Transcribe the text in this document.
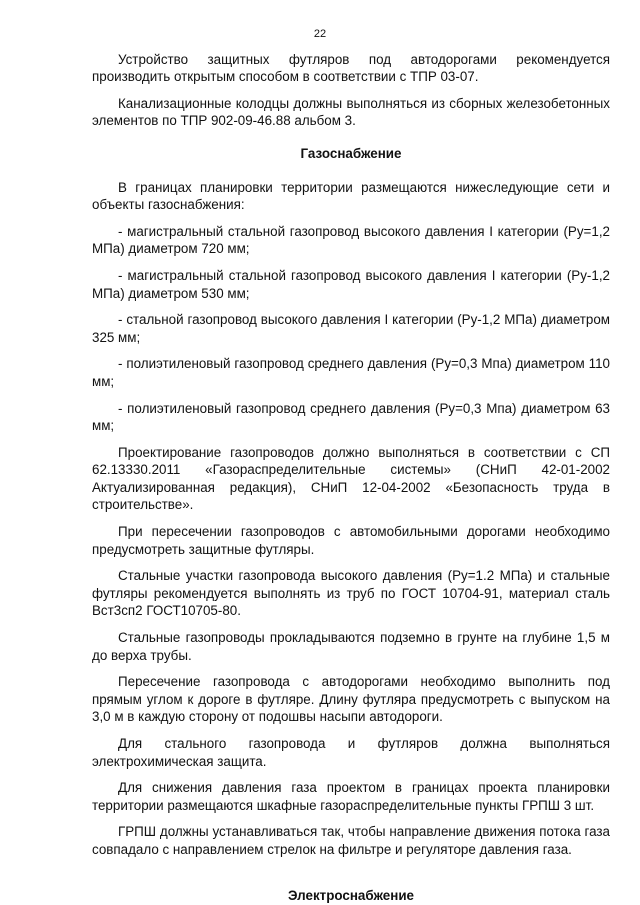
22

Устройство защитных футляров под автодорогами рекомендуется производить открытым способом в соответствии с ТПР 03-07.

Канализационные колодцы должны выполняться из сборных железобетонных элементов по ТПР 902-09-46.88 альбом 3.

Газоснабжение

В границах планировки территории размещаются нижеследующие сети и объекты газоснабжения:

- магистральный стальной газопровод высокого давления I категории (Ру=1,2 МПа) диаметром 720 мм;

- магистральный стальной газопровод высокого давления I категории (Ру-1,2 МПа) диаметром 530 мм;

- стальной газопровод высокого давления I категории (Ру-1,2 МПа) диаметром 325 мм;

- полиэтиленовый газопровод среднего давления (Ру=0,3 Мпа) диаметром 110 мм;

- полиэтиленовый газопровод среднего давления (Ру=0,3 Мпа) диаметром 63 мм;

Проектирование газопроводов должно выполняться в соответствии с СП 62.13330.2011 «Газораспределительные системы» (СНиП 42-01-2002 Актуализированная редакция), СНиП 12-04-2002 «Безопасность труда в строительстве».

При пересечении газопроводов с автомобильными дорогами необходимо предусмотреть защитные футляры.

Стальные участки газопровода высокого давления (Ру=1.2 МПа) и стальные футляры рекомендуется выполнять из труб по ГОСТ 10704-91, материал сталь Вст3сп2 ГОСТ10705-80.

Стальные газопроводы прокладываются подземно в грунте на глубине 1,5 м до верха трубы.

Пересечение газопровода с автодорогами необходимо выполнить под прямым углом к дороге в футляре. Длину футляра предусмотреть с выпуском на 3,0 м в каждую сторону от подошвы насыпи автодороги.

Для стального газопровода и футляров должна выполняться электрохимическая защита.

Для снижения давления газа проектом в границах проекта планировки территории размещаются шкафные газораспределительные пункты ГРПШ 3 шт.

ГРПШ должны устанавливаться так, чтобы направление движения потока газа совпадало с направлением стрелок на фильтре и регуляторе давления газа.

Электроснабжение
